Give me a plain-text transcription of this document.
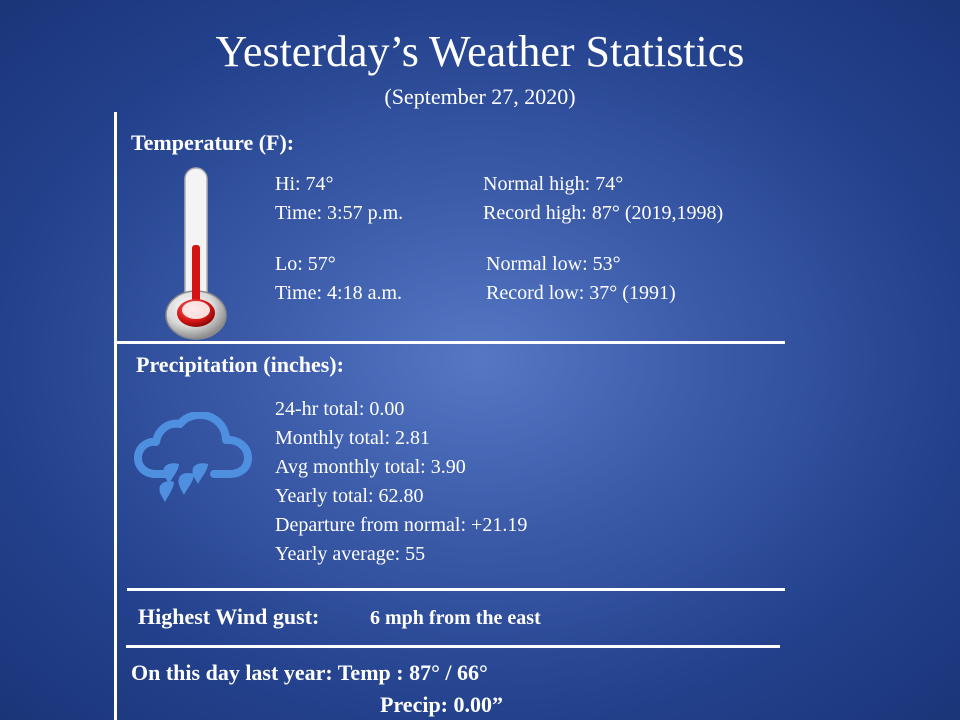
Yesterday’s Weather Statistics
(September 27, 2020)
Temperature (F):
Hi: 74°
Time: 3:57 p.m.
Normal high: 74°
Record high: 87° (2019,1998)
Lo: 57°
Time: 4:18 a.m.
Normal low: 53°
Record low: 37° (1991)
Precipitation (inches):
24-hr total: 0.00
Monthly total: 2.81
Avg monthly total: 3.90
Yearly total: 62.80
Departure from normal: +21.19
Yearly average: 55
Highest Wind gust:	6 mph from the east
On this day last year: Temp : 87° / 66°
Precip: 0.00”
